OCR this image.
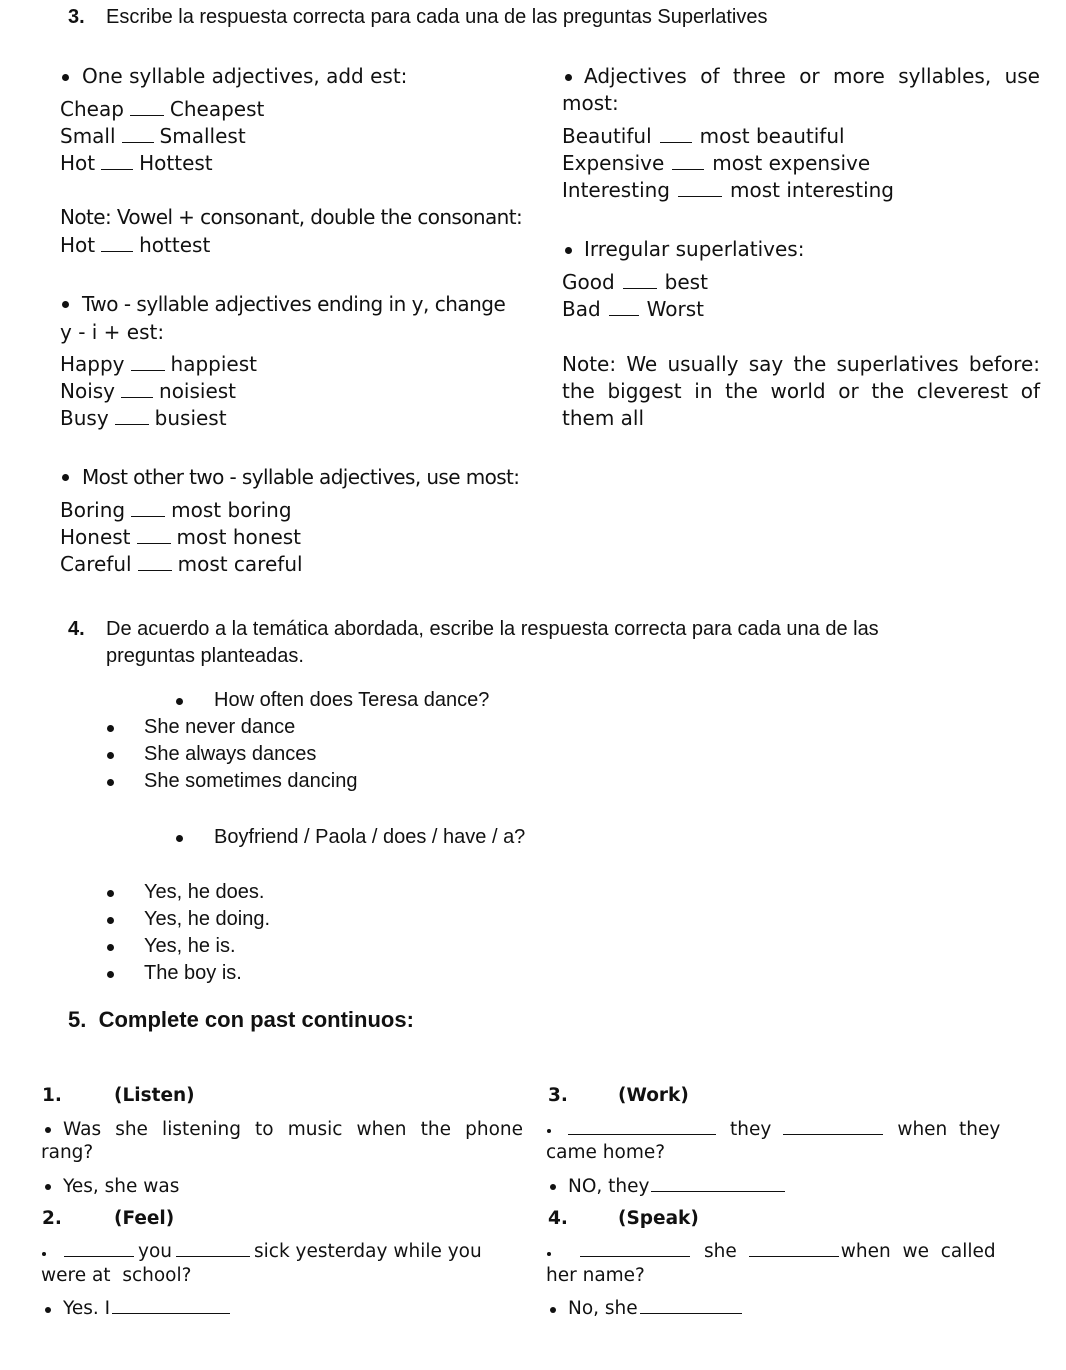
3. Escribe la respuesta correcta para cada una de las preguntas Superlatives
One syllable adjectives, add est:
Cheap Cheapest
Small Smallest
Hot Hottest
Note: Vowel + consonant, double the consonant:
Hot hottest
Two - syllable adjectives ending in y, change
y - i + est:
Happy happiest
Noisy noisiest
Busy busiest
Most other two - syllable adjectives, use most:
Boring most boring
Honest most honest
Careful most careful
Adjectives of three or more syllables, use
most:
Beautiful most beautiful
Expensive most expensive
Interesting	most interesting
Irregular superlatives:
Good	best
Bad Worst
Note: We usually say the superlatives before:
the biggest in the world or the cleverest of
them all
4. De acuerdo a la temática abordada, escribe la respuesta correcta para cada una de las
preguntas planteadas.
How often does Teresa dance?
She never dance
She always dances
She sometimes dancing
Boyfriend / Paola / does / have / a?
Yes, he does.
Yes, he doing.
Yes, he is.
The boy is.
5.  Complete con past continuos:
1.	(Listen)
Was she listening to music when the phone
rang?
Yes, she was
2.	(Feel)
you	sick yesterday while you
were at  school?
Yes. I
3.	(Work)
they	when  they
came home?
NO, they
4.	(Speak)
she	when  we  called
her name?
No, she
